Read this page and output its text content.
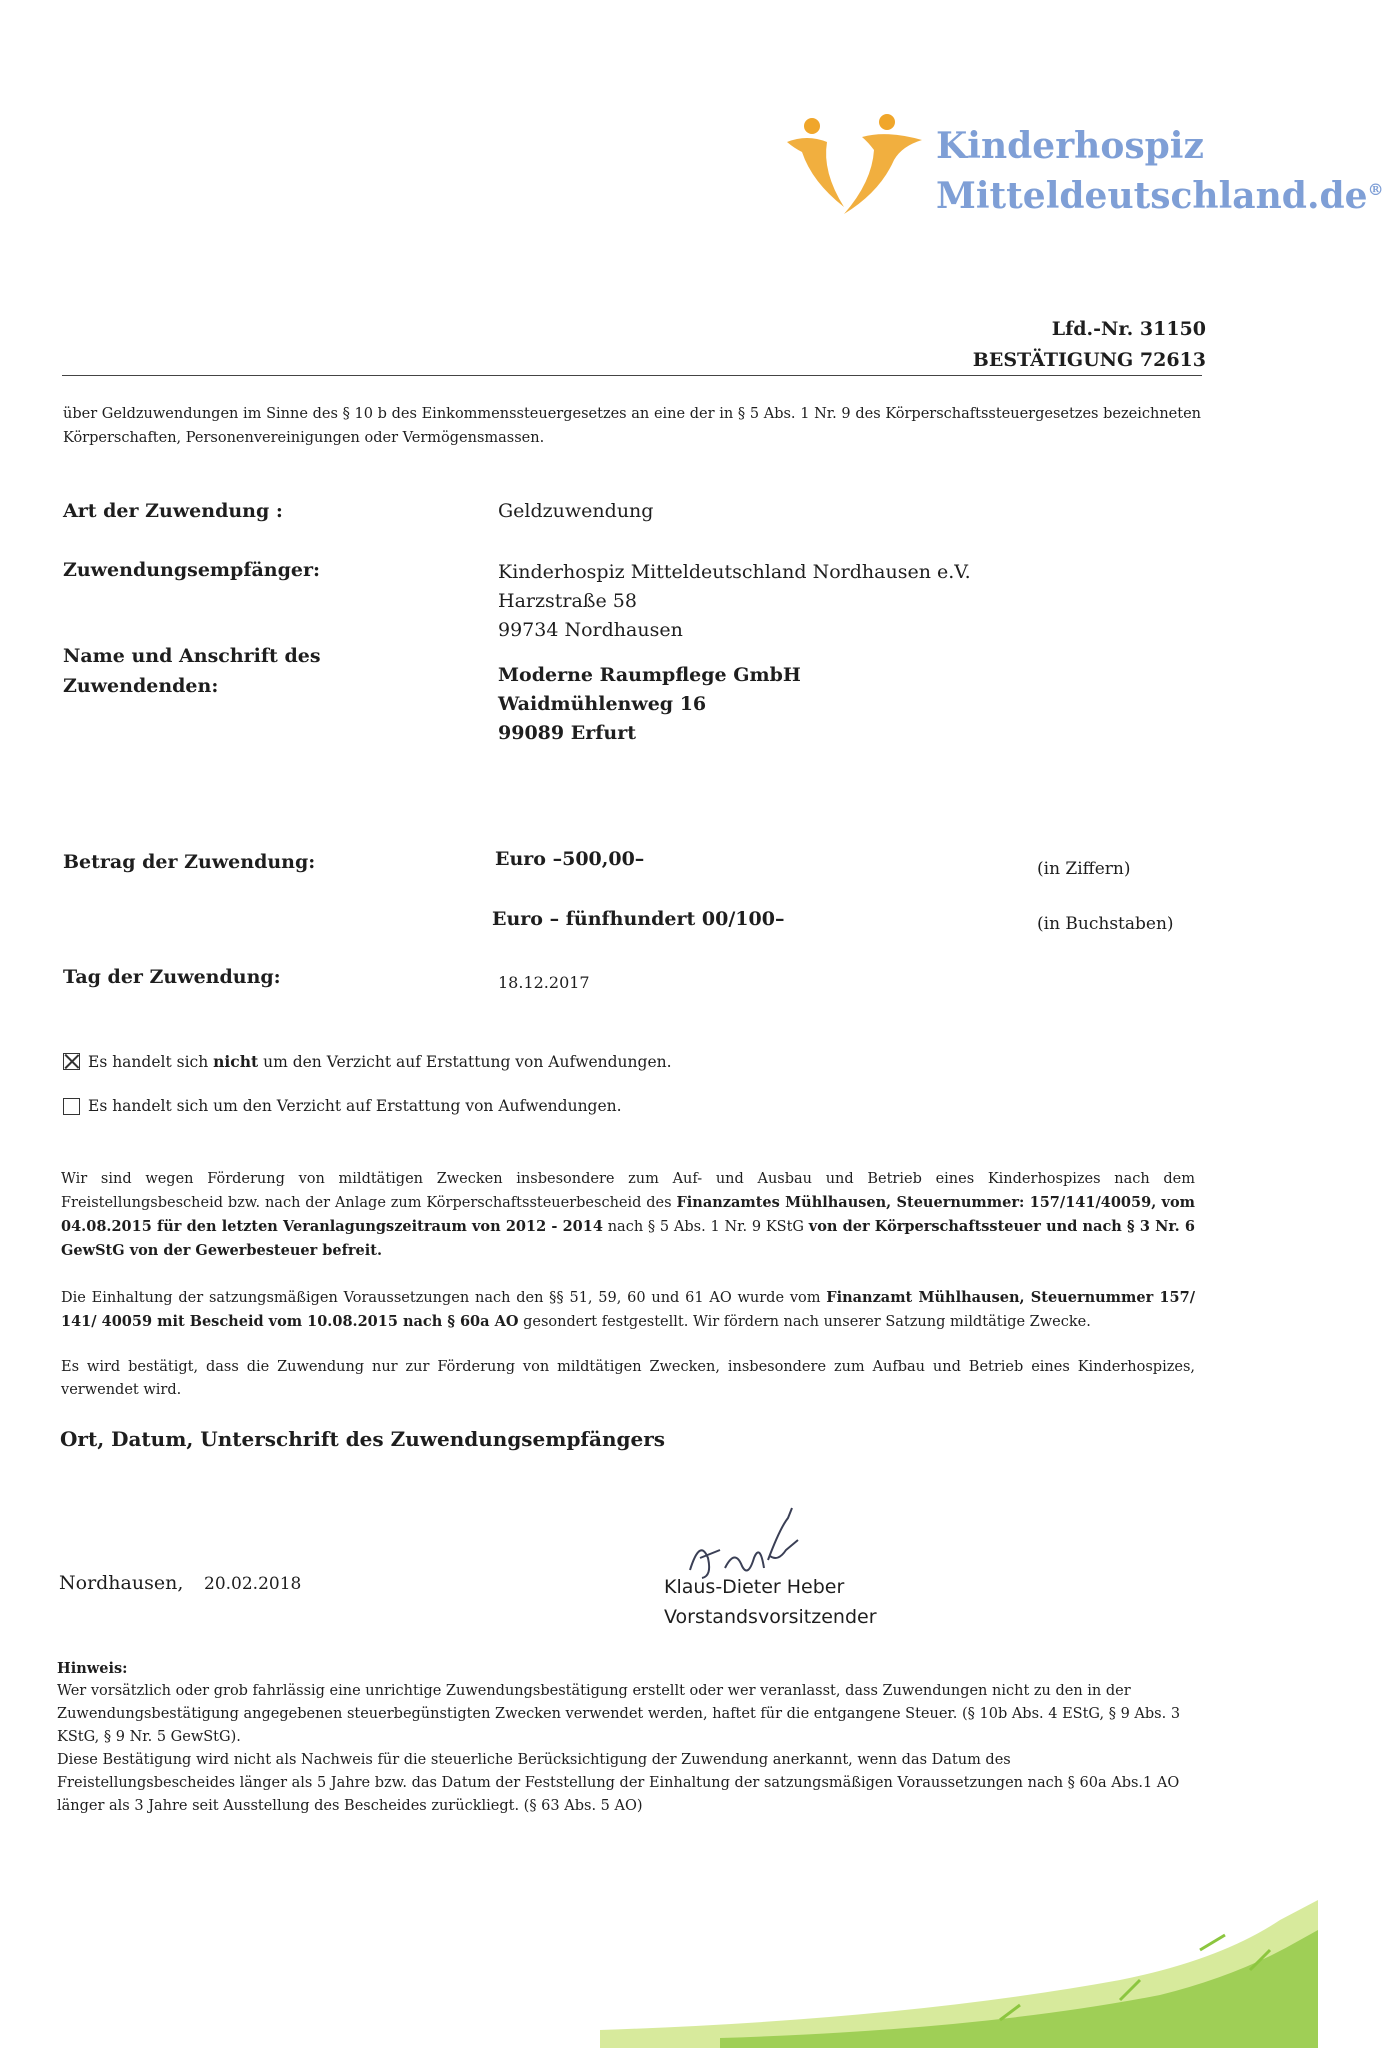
Kinderhospiz
Mitteldeutschland.de®
Lfd.-Nr. 31150
BESTÄTIGUNG 72613
über Geldzuwendungen im Sinne des § 10 b des Einkommenssteuergesetzes an eine der in § 5 Abs. 1 Nr. 9 des Körperschaftssteuergesetzes bezeichneten Körperschaften, Personenvereinigungen oder Vermögensmassen.
Art der Zuwendung :	Geldzuwendung
Zuwendungsempfänger:	Kinderhospiz Mitteldeutschland Nordhausen e.V.
Harzstraße 58
99734 Nordhausen
Name und Anschrift des
Zuwendenden:	Moderne Raumpflege GmbH
Waidmühlenweg 16
99089 Erfurt
Betrag der Zuwendung:	Euro –500,00–	(in Ziffern)
Euro – fünfhundert 00/100–	(in Buchstaben)
Tag der Zuwendung:	18.12.2017
Es handelt sich nicht um den Verzicht auf Erstattung von Aufwendungen.
Es handelt sich um den Verzicht auf Erstattung von Aufwendungen.
Wir sind wegen Förderung von mildtätigen Zwecken insbesondere zum Auf- und Ausbau und Betrieb eines Kinderhospizes nach dem Freistellungsbescheid bzw. nach der Anlage zum Körperschaftssteuerbescheid des Finanzamtes Mühlhausen, Steuernummer: 157/141/40059, vom 04.08.2015 für den letzten Veranlagungszeitraum von 2012 - 2014 nach § 5 Abs. 1 Nr. 9 KStG von der Körperschaftssteuer und nach § 3 Nr. 6 GewStG von der Gewerbesteuer befreit.
Die Einhaltung der satzungsmäßigen Voraussetzungen nach den §§ 51, 59, 60 und 61 AO wurde vom Finanzamt Mühlhausen, Steuernummer 157/ 141/ 40059 mit Bescheid vom 10.08.2015 nach § 60a AO gesondert festgestellt. Wir fördern nach unserer Satzung mildtätige Zwecke.
Es wird bestätigt, dass die Zuwendung nur zur Förderung von mildtätigen Zwecken, insbesondere zum Aufbau und Betrieb eines Kinderhospizes, verwendet wird.
Ort, Datum, Unterschrift des Zuwendungsempfängers
Nordhausen, 20.02.2018	Klaus-Dieter Heber
Vorstandsvorsitzender
Hinweis:
Wer vorsätzlich oder grob fahrlässig eine unrichtige Zuwendungsbestätigung erstellt oder wer veranlasst, dass Zuwendungen nicht zu den in der Zuwendungsbestätigung angegebenen steuerbegünstigten Zwecken verwendet werden, haftet für die entgangene Steuer. (§ 10b Abs. 4 EStG, § 9 Abs. 3 KStG, § 9 Nr. 5 GewStG).
Diese Bestätigung wird nicht als Nachweis für die steuerliche Berücksichtigung der Zuwendung anerkannt, wenn das Datum des Freistellungsbescheides länger als 5 Jahre bzw. das Datum der Feststellung der Einhaltung der satzungsmäßigen Voraussetzungen nach § 60a Abs.1 AO länger als 3 Jahre seit Ausstellung des Bescheides zurückliegt. (§ 63 Abs. 5 AO)
